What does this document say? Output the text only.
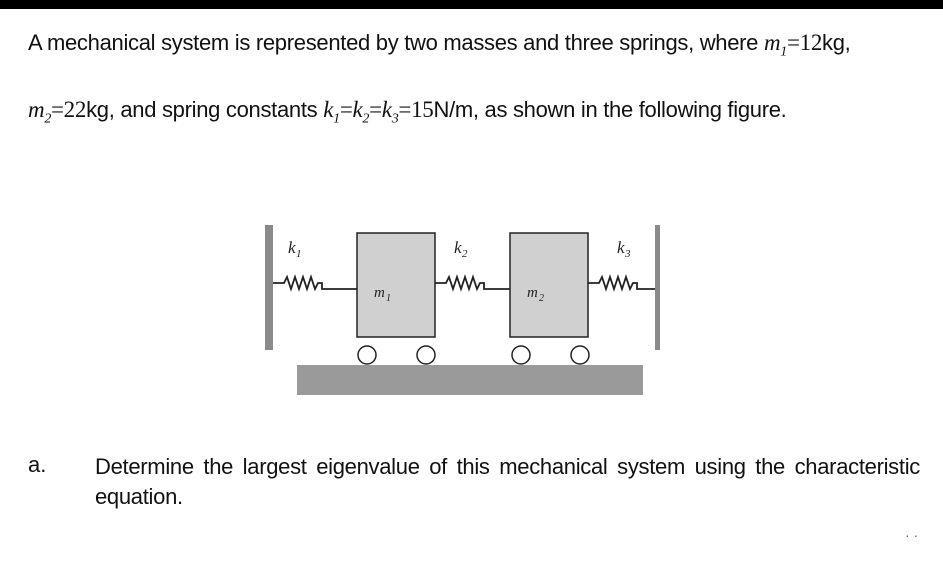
A mechanical system is represented by two masses and three springs, where $m_1=12kg$,
$m_2=22kg$, and spring constants $k_1=k_2=k_3=15N/m$, as shown in the following figure.
k 1	k 2	k 3
m 1	m 2
a. Determine the largest eigenvalue of this mechanical system using the characteristic equation.
· ·
